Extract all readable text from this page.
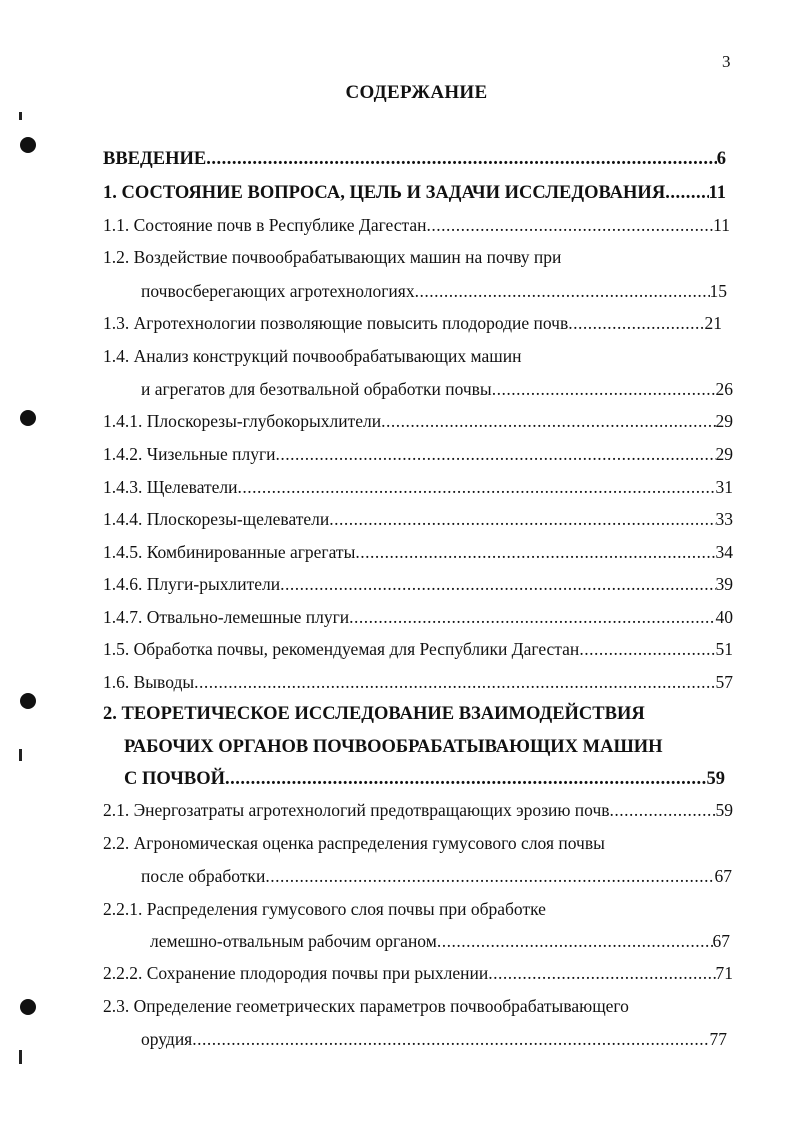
3
СОДЕРЖАНИЕ
ВВЕДЕНИЕ .....	6
1. СОСТОЯНИЕ ВОПРОСА, ЦЕЛЬ И ЗАДАЧИ ИССЛЕДОВАНИЯ ..... 11
1.1. Состояние почв в Республике Дагестан .....	11
1.2. Воздействие почвообрабатывающих машин на почву при
почвосберегающих агротехнологиях .....	15
1.3. Агротехнологии позволяющие повысить плодородие почв .....	21
1.4. Анализ конструкций почвообрабатывающих машин
и агрегатов для безотвальной обработки почвы .....	26
1.4.1. Плоскорезы-глубокорыхлители .....	29
1.4.2. Чизельные плуги .....	29
1.4.3. Щелеватели .....	31
1.4.4. Плоскорезы-щелеватели .....	33
1.4.5. Комбинированные агрегаты .....	34
1.4.6. Плуги-рыхлители .....	39
1.4.7. Отвально-лемешные плуги .....	40
1.5. Обработка почвы, рекомендуемая для Республики Дагестан .....	51
1.6. Выводы .....	57
2. ТЕОРЕТИЧЕСКОЕ ИССЛЕДОВАНИЕ ВЗАИМОДЕЙСТВИЯ
РАБОЧИХ ОРГАНОВ ПОЧВООБРАБАТЫВАЮЩИХ МАШИН
С ПОЧВОЙ .....	59
2.1. Энергозатраты агротехнологий предотвращающих эрозию почв .....	59
2.2. Агрономическая оценка распределения гумусового слоя почвы
после обработки .....	67
2.2.1. Распределения гумусового слоя почвы при обработке
лемешно-отвальным рабочим органом .....	67
2.2.2. Сохранение плодородия почвы при рыхлении .....	71
2.3. Определение геометрических параметров почвообрабатывающего
орудия .....	77
